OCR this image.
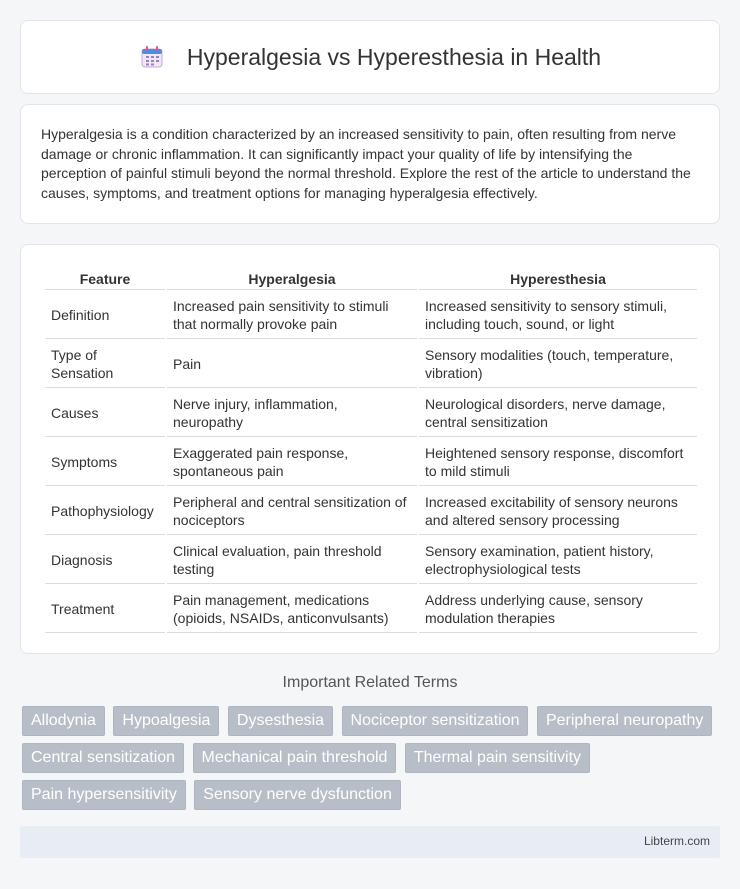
Hyperalgesia vs Hyperesthesia in Health

Hyperalgesia is a condition characterized by an increased sensitivity to pain, often resulting from nerve damage or chronic inflammation. It can significantly impact your quality of life by intensifying the perception of painful stimuli beyond the normal threshold. Explore the rest of the article to understand the causes, symptoms, and treatment options for managing hyperalgesia effectively.

Feature	Hyperalgesia	Hyperesthesia
Definition	Increased pain sensitivity to stimuli that normally provoke pain	Increased sensitivity to sensory stimuli, including touch, sound, or light
Type of Sensation	Pain	Sensory modalities (touch, temperature, vibration)
Causes	Nerve injury, inflammation, neuropathy	Neurological disorders, nerve damage, central sensitization
Symptoms	Exaggerated pain response, spontaneous pain	Heightened sensory response, discomfort to mild stimuli
Pathophysiology	Peripheral and central sensitization of nociceptors	Increased excitability of sensory neurons and altered sensory processing
Diagnosis	Clinical evaluation, pain threshold testing	Sensory examination, patient history, electrophysiological tests
Treatment	Pain management, medications (opioids, NSAIDs, anticonvulsants)	Address underlying cause, sensory modulation therapies
Important Related Terms
Allodynia Hypoalgesia Dysesthesia Nociceptor sensitization Peripheral neuropathy Central sensitization Mechanical pain threshold Thermal pain sensitivity Pain hypersensitivity Sensory nerve dysfunction
Libterm.com
